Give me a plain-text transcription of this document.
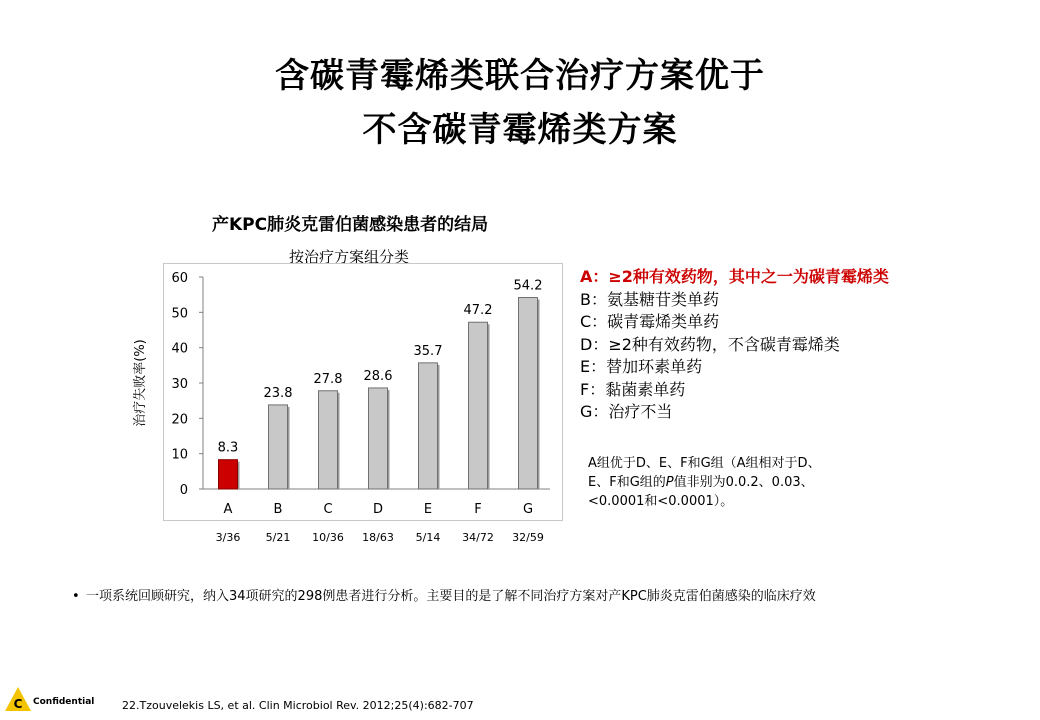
含碳青霉烯类联合治疗方案优于
不含碳青霉烯类方案
产KPC肺炎克雷伯菌感染患者的结局
按治疗方案组分类
0
10
20
30
40
50
60
治疗失败率(%)
8.3
A
3/36
23.8
B
5/21
27.8
C
10/36
28.6
D
18/63
35.7
E
5/14
47.2
F
34/72
54.2
G
32/59
A：≥2种有效药物，其中之一为碳青霉烯类
B：氨基糖苷类单药
C：碳青霉烯类单药
D：≥2种有效药物，不含碳青霉烯类
E：替加环素单药
F：黏菌素单药
G：治疗不当
A组优于D、E、F和G组（A组相对于D、E、F和G组的P值非别为0.0.2、0.03、<0.0001和<0.0001）。
• 一项系统回顾研究，纳入34项研究的298例患者进行分析。主要目的是了解不同治疗方案对产KPC肺炎克雷伯菌感染的临床疗效
C Confidential	22.Tzouvelekis LS, et al. Clin Microbiol Rev. 2012;25(4):682-707
